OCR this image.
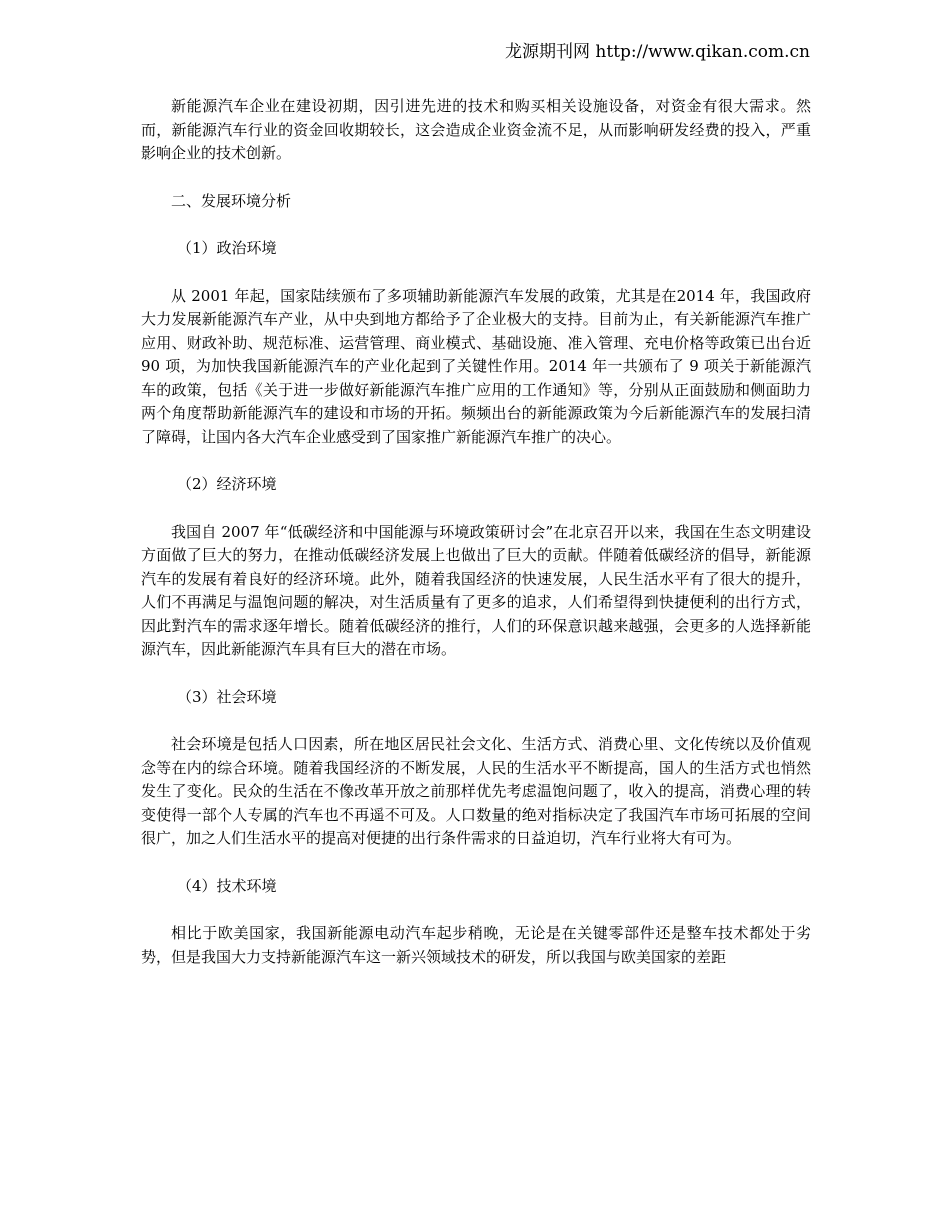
龙源期刊网 http://www.qikan.com.cn

新能源汽车企业在建设初期，因引进先进的技术和购买相关设施设备，对资金有很大需求。然而，新能源汽车行业的资金回收期较长，这会造成企业资金流不足，从而影响研发经费的投入，严重影响企业的技术创新。

二、发展环境分析

（1）政治环境

从 2001 年起，国家陆续颁布了多项辅助新能源汽车发展的政策，尤其是在2014 年，我国政府大力发展新能源汽车产业，从中央到地方都给予了企业极大的支持。目前为止，有关新能源汽车推广应用、财政补助、规范标准、运营管理、商业模式、基础设施、准入管理、充电价格等政策已出台近 90 项，为加快我国新能源汽车的产业化起到了关键性作用。2014 年一共颁布了 9 项关于新能源汽车的政策，包括《关于进一步做好新能源汽车推广应用的工作通知》等，分别从正面鼓励和侧面助力两个角度帮助新能源汽车的建设和市场的开拓。频频出台的新能源政策为今后新能源汽车的发展扫清了障碍，让国内各大汽车企业感受到了国家推广新能源汽车推广的决心。

（2）经济环境

我国自 2007 年“低碳经济和中国能源与环境政策研讨会”在北京召开以来，我国在生态文明建设方面做了巨大的努力，在推动低碳经济发展上也做出了巨大的贡献。伴随着低碳经济的倡导，新能源汽车的发展有着良好的经济环境。此外，随着我国经济的快速发展，人民生活水平有了很大的提升，人们不再满足与温饱问题的解决，对生活质量有了更多的追求，人们希望得到快捷便利的出行方式，因此對汽车的需求逐年增长。随着低碳经济的推行，人们的环保意识越来越强，会更多的人选择新能源汽车，因此新能源汽车具有巨大的潜在市场。

（3）社会环境

社会环境是包括人口因素，所在地区居民社会文化、生活方式、消费心里、文化传统以及价值观念等在内的综合环境。随着我国经济的不断发展，人民的生活水平不断提高，国人的生活方式也悄然发生了变化。民众的生活在不像改革开放之前那样优先考虑温饱问题了，收入的提高，消费心理的转变使得一部个人专属的汽车也不再遥不可及。人口数量的绝对指标决定了我国汽车市场可拓展的空间很广，加之人们生活水平的提高对便捷的出行条件需求的日益迫切，汽车行业将大有可为。

（4）技术环境

相比于欧美国家，我国新能源电动汽车起步稍晚，无论是在关键零部件还是整车技术都处于劣势，但是我国大力支持新能源汽车这一新兴领域技术的研发，所以我国与欧美国家的差距
